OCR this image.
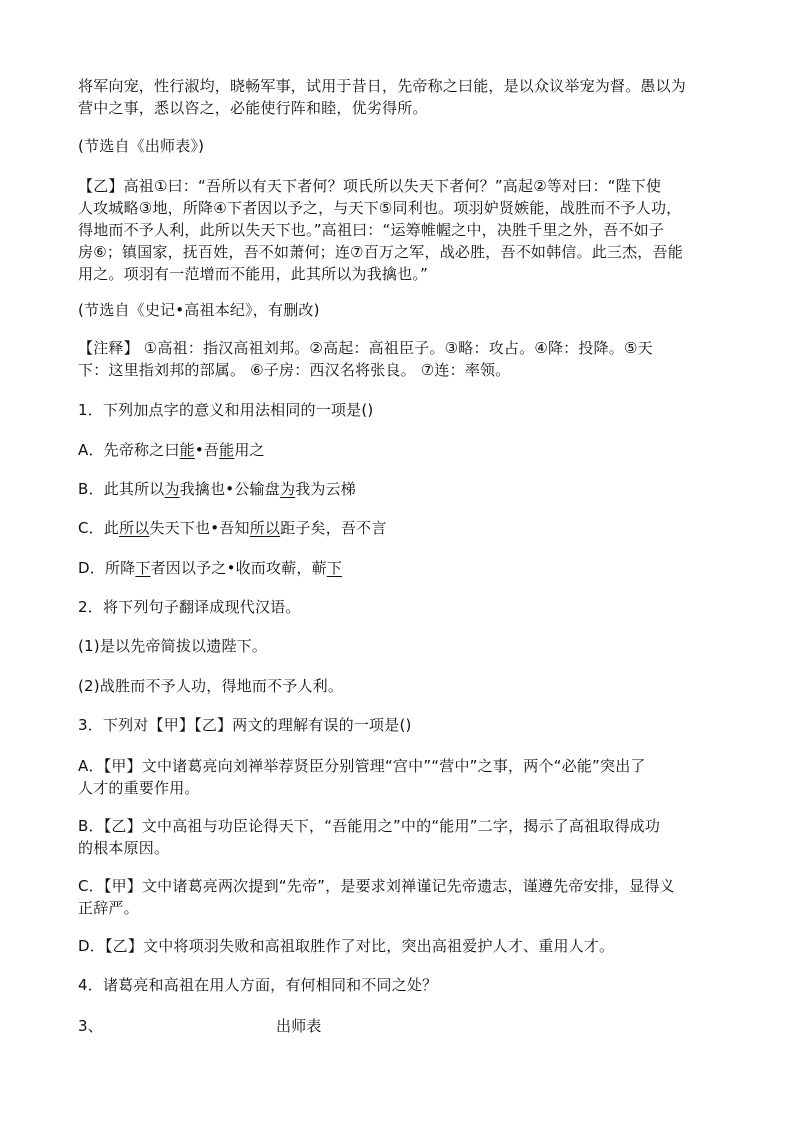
将军向宠，性行淑均，晓畅军事，试用于昔日，先帝称之曰能，是以众议举宠为督。愚以为

营中之事，悉以咨之，必能使行阵和睦，优劣得所。

(节选自《出师表》)

【乙】高祖①曰：“吾所以有天下者何？项氏所以失天下者何？”高起②等对曰：“陛下使

人攻城略③地，所降④下者因以予之，与天下⑤同利也。项羽妒贤嫉能，战胜而不予人功，

得地而不予人利，此所以失天下也。”高祖曰：“运筹帷幄之中，决胜千里之外，吾不如子

房⑥；镇国家，抚百姓，吾不如萧何；连⑦百万之军，战必胜，吾不如韩信。此三杰，吾能

用之。项羽有一范增而不能用，此其所以为我擒也。”

(节选自《史记•高祖本纪》，有删改)

【注释】 ①高祖：指汉高祖刘邦。②高起：高祖臣子。③略：攻占。④降：投降。⑤天

下：这里指刘邦的部属。 ⑥子房：西汉名将张良。 ⑦连：率领。

1．下列加点字的意义和用法相同的一项是()

A．先帝称之曰能•吾能用之

B．此其所以为我擒也•公输盘为我为云梯

C．此所以失天下也•吾知所以距子矣，吾不言

D．所降下者因以予之•收而攻蕲，蕲下

2．将下列句子翻译成现代汉语。

(1)是以先帝简拔以遗陛下。

(2)战胜而不予人功，得地而不予人利。

3．下列对【甲】【乙】两文的理解有误的一项是()

A．【甲】文中诸葛亮向刘禅举荐贤臣分别管理“宫中”“营中”之事，两个“必能”突出了

人才的重要作用。

B．【乙】文中高祖与功臣论得天下，“吾能用之”中的“能用”二字，揭示了高祖取得成功

的根本原因。

C．【甲】文中诸葛亮两次提到“先帝”，是要求刘禅谨记先帝遗志，谨遵先帝安排，显得义

正辞严。

D．【乙】文中将项羽失败和高祖取胜作了对比，突出高祖爱护人才、重用人才。

4．诸葛亮和高祖在用人方面，有何相同和不同之处？

3、	出师表
